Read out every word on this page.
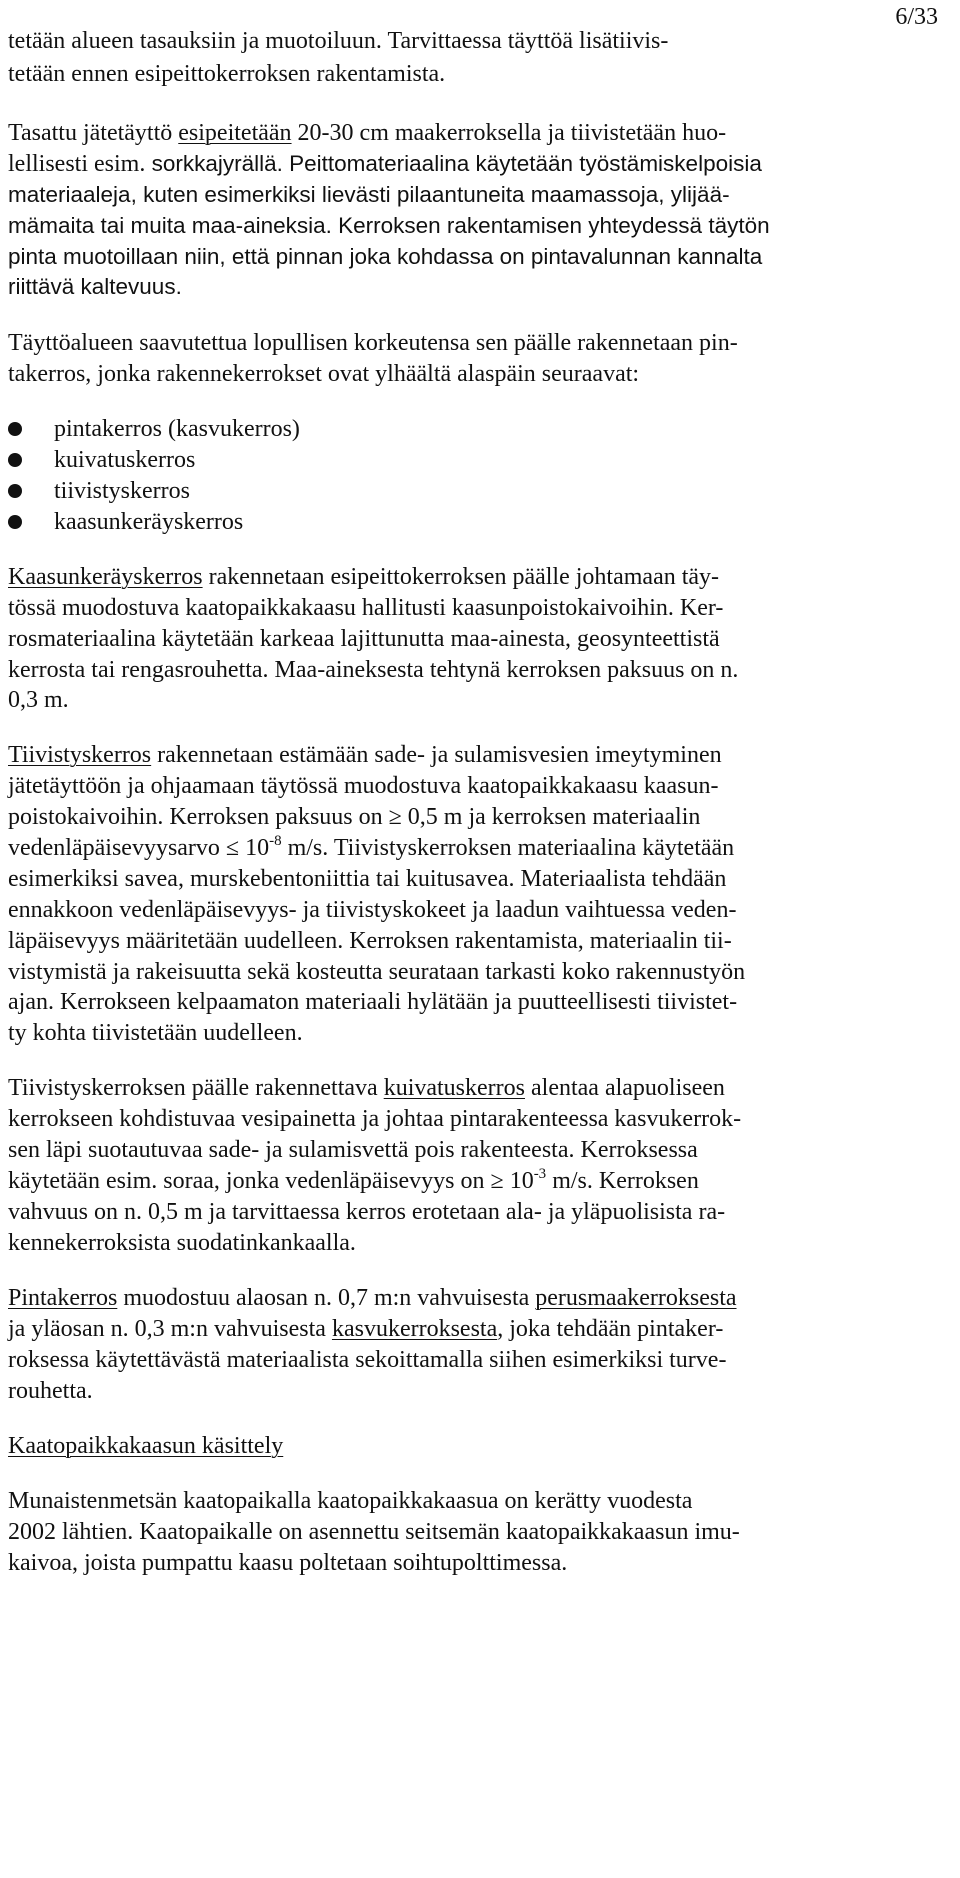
6/33
tetään alueen tasauksiin ja muotoiluun. Tarvittaessa täyttöä lisätiivis-
tetään ennen esipeittokerroksen rakentamista.
Tasattu jätetäyttö esipeitetään 20-30 cm maakerroksella ja tiivistetään huo-
lellisesti esim. sorkkajyrällä. Peittomateriaalina käytetään työstämiskelpoisia
materiaaleja, kuten esimerkiksi lievästi pilaantuneita maamassoja, ylijää-
mämaita tai muita maa-aineksia. Kerroksen rakentamisen yhteydessä täytön
pinta muotoillaan niin, että pinnan joka kohdassa on pintavalunnan kannalta
riittävä kaltevuus.
Täyttöalueen saavutettua lopullisen korkeutensa sen päälle rakennetaan pin-
takerros, jonka rakennekerrokset ovat ylhäältä alaspäin seuraavat:
pintakerros (kasvukerros)
kuivatuskerros
tiivistyskerros
kaasunkeräyskerros
Kaasunkeräyskerros rakennetaan esipeittokerroksen päälle johtamaan täy-
tössä muodostuva kaatopaikkakaasu hallitusti kaasunpoistokaivoihin. Ker-
rosmateriaalina käytetään karkeaa lajittunutta maa-ainesta, geosynteettistä
kerrosta tai rengasrouhetta. Maa-aineksesta tehtynä kerroksen paksuus on n.
0,3 m.
Tiivistyskerros rakennetaan estämään sade- ja sulamisvesien imeytyminen
jätetäyttöön ja ohjaamaan täytössä muodostuva kaatopaikkakaasu kaasun-
poistokaivoihin. Kerroksen paksuus on ≥ 0,5 m ja kerroksen materiaalin
vedenläpäisevyysarvo ≤ $10^{-8}$ m/s. Tiivistyskerroksen materiaalina käytetään
esimerkiksi savea, murskebentoniittia tai kuitusavea. Materiaalista tehdään
ennakkoon vedenläpäisevyys- ja tiivistyskokeet ja laadun vaihtuessa veden-
läpäisevyys määritetään uudelleen. Kerroksen rakentamista, materiaalin tii-
vistymistä ja rakeisuutta sekä kosteutta seurataan tarkasti koko rakennustyön
ajan. Kerrokseen kelpaamaton materiaali hylätään ja puutteellisesti tiivistet-
ty kohta tiivistetään uudelleen.
Tiivistyskerroksen päälle rakennettava kuivatuskerros alentaa alapuoliseen
kerrokseen kohdistuvaa vesipainetta ja johtaa pintarakenteessa kasvukerrok-
sen läpi suotautuvaa sade- ja sulamisvettä pois rakenteesta. Kerroksessa
käytetään esim. soraa, jonka vedenläpäisevyys on ≥ $10^{-3}$ m/s. Kerroksen
vahvuus on n. 0,5 m ja tarvittaessa kerros erotetaan ala- ja yläpuolisista ra-
kennekerroksista suodatinkankaalla.
Pintakerros muodostuu alaosan n. 0,7 m:n vahvuisesta perusmaakerroksesta
ja yläosan n. 0,3 m:n vahvuisesta kasvukerroksesta, joka tehdään pintaker-
roksessa käytettävästä materiaalista sekoittamalla siihen esimerkiksi turve-
rouhetta.
Kaatopaikkakaasun käsittely
Munaistenmetsän kaatopaikalla kaatopaikkakaasua on kerätty vuodesta
2002 lähtien. Kaatopaikalle on asennettu seitsemän kaatopaikkakaasun imu-
kaivoa, joista pumpattu kaasu poltetaan soihtupolttimessa.
